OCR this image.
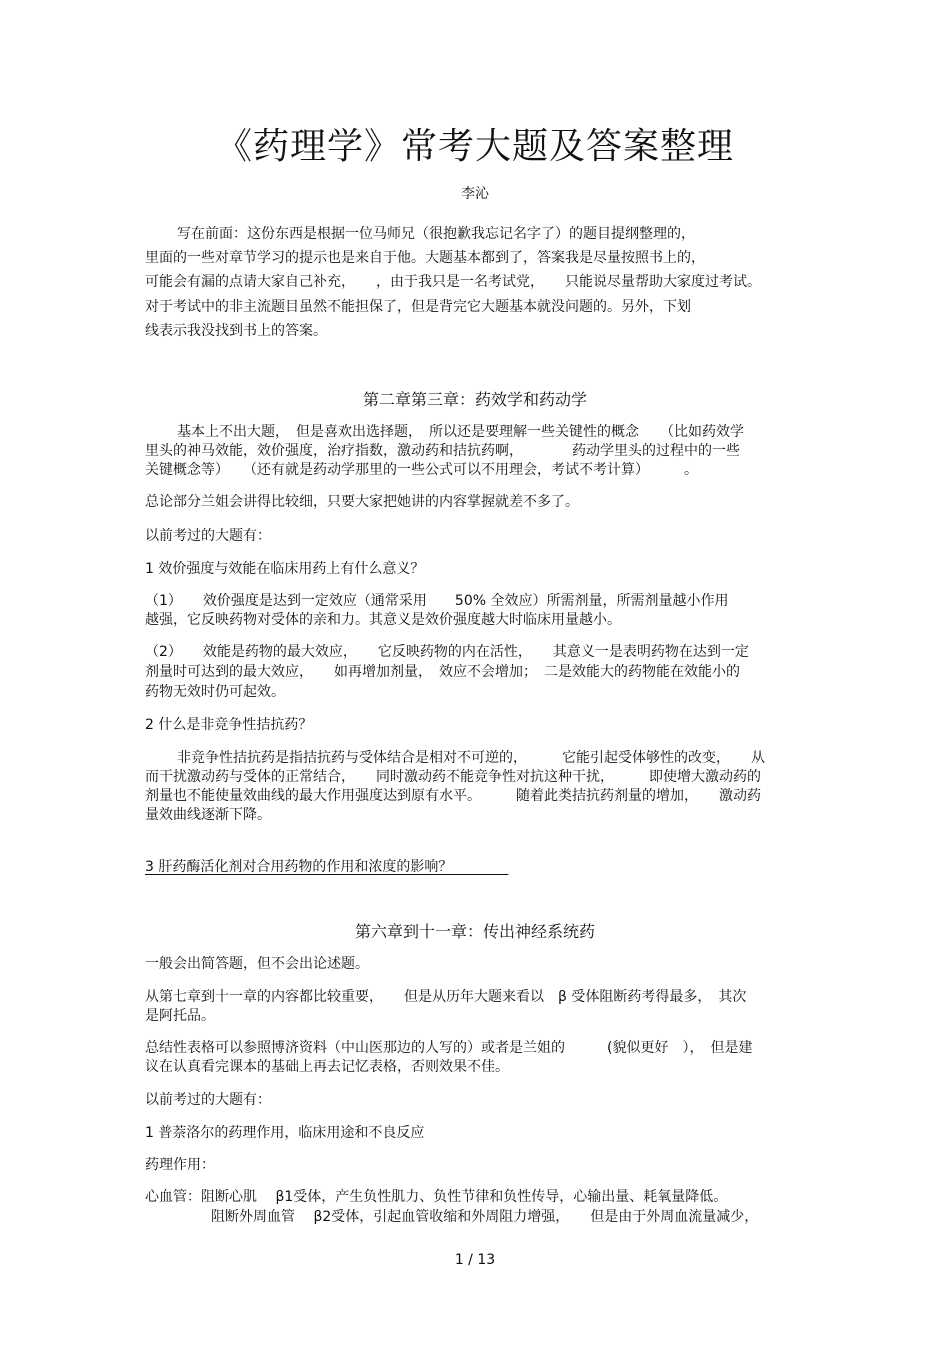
《药理学》常考大题及答案整理
李沁
写在前面：这份东西是根据一位马师兄（很抱歉我忘记名字了）的题目提纲整理的，
里面的一些对章节学习的提示也是来自于他。大题基本都到了，答案我是尽量按照书上的，
可能会有漏的点请大家自己补充，　　，由于我只是一名考试党，　　只能说尽量帮助大家度过考试。
对于考试中的非主流题目虽然不能担保了，但是背完它大题基本就没问题的。另外，下划
线表示我没找到书上的答案。
第二章第三章：药效学和药动学
基本上不出大题，　但是喜欢出选择题，　所以还是要理解一些关键性的概念　　（比如药效学
里头的神马效能，效价强度，治疗指数，激动药和拮抗药啊，　　　　药动学里头的过程中的一些
关键概念等）　　（还有就是药动学那里的一些公式可以不用理会，考试不考计算）　　　。
总论部分兰姐会讲得比较细，只要大家把她讲的内容掌握就差不多了。
以前考过的大题有：
1 效价强度与效能在临床用药上有什么意义？
（1）　　效价强度是达到一定效应（通常采用　　50% 全效应）所需剂量，所需剂量越小作用
越强，它反映药物对受体的亲和力。其意义是效价强度越大时临床用量越小。
（2）　　效能是药物的最大效应，　　它反映药物的内在活性，　　其意义一是表明药物在达到一定
剂量时可达到的最大效应，　　如再增加剂量，　效应不会增加；　二是效能大的药物能在效能小的
药物无效时仍可起效。
2 什么是非竞争性拮抗药？
非竞争性拮抗药是指拮抗药与受体结合是相对不可逆的，　　　它能引起受体够性的改变，　　从
而干扰激动药与受体的正常结合，　　同时激动药不能竞争性对抗这种干扰，　　　即使增大激动药的
剂量也不能使量效曲线的最大作用强度达到原有水平。　　　随着此类拮抗药剂量的增加，　　激动药
量效曲线逐渐下降。
3 肝药酶活化剂对合用药物的作用和浓度的影响？　　　　
第六章到十一章：传出神经系统药
一般会出简答题，但不会出论述题。
从第七章到十一章的内容都比较重要，　　但是从历年大题来看以　β 受体阻断药考得最多，　其次
是阿托品。
总结性表格可以参照博济资料（中山医那边的人写的）或者是兰姐的　　　(貌似更好　），　但是建
议在认真看完课本的基础上再去记忆表格，否则效果不佳。
以前考过的大题有：
1 普萘洛尔的药理作用，临床用途和不良反应
药理作用：
心血管：阻断心肌　 β1受体，产生负性肌力、负性节律和负性传导，心输出量、耗氧量降低。
阻断外周血管　 β2受体，引起血管收缩和外周阻力增强，　　但是由于外周血流量减少，
1 / 13
